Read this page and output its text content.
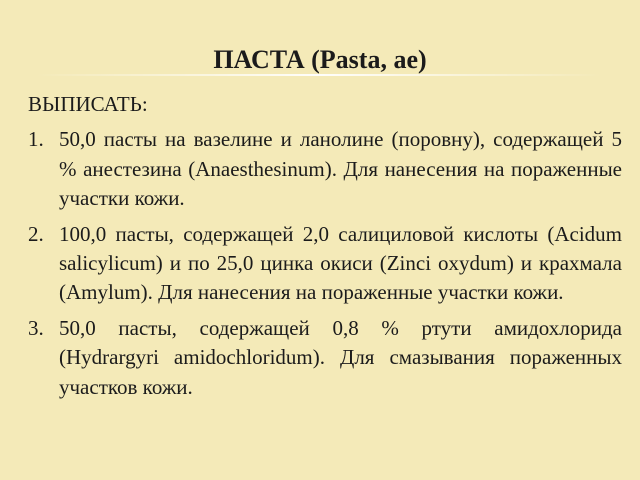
ПАСТА (Pasta, ae)
ВЫПИСАТЬ:
1. 50,0 пасты на вазелине и ланолине (поровну), содержащей 5 % анестезина (Anaesthesinum). Для нанесения на пораженные участки кожи.
2. 100,0 пасты, содержащей 2,0 салициловой кислоты (Acidum salicylicum) и по 25,0 цинка окиси (Zinci oxydum) и крахмала (Amylum). Для нанесения на пораженные участки кожи.
3. 50,0 пасты, содержащей 0,8 % ртути амидохлорида (Hydrargyri amidochloridum). Для смазывания пораженных участков кожи.
